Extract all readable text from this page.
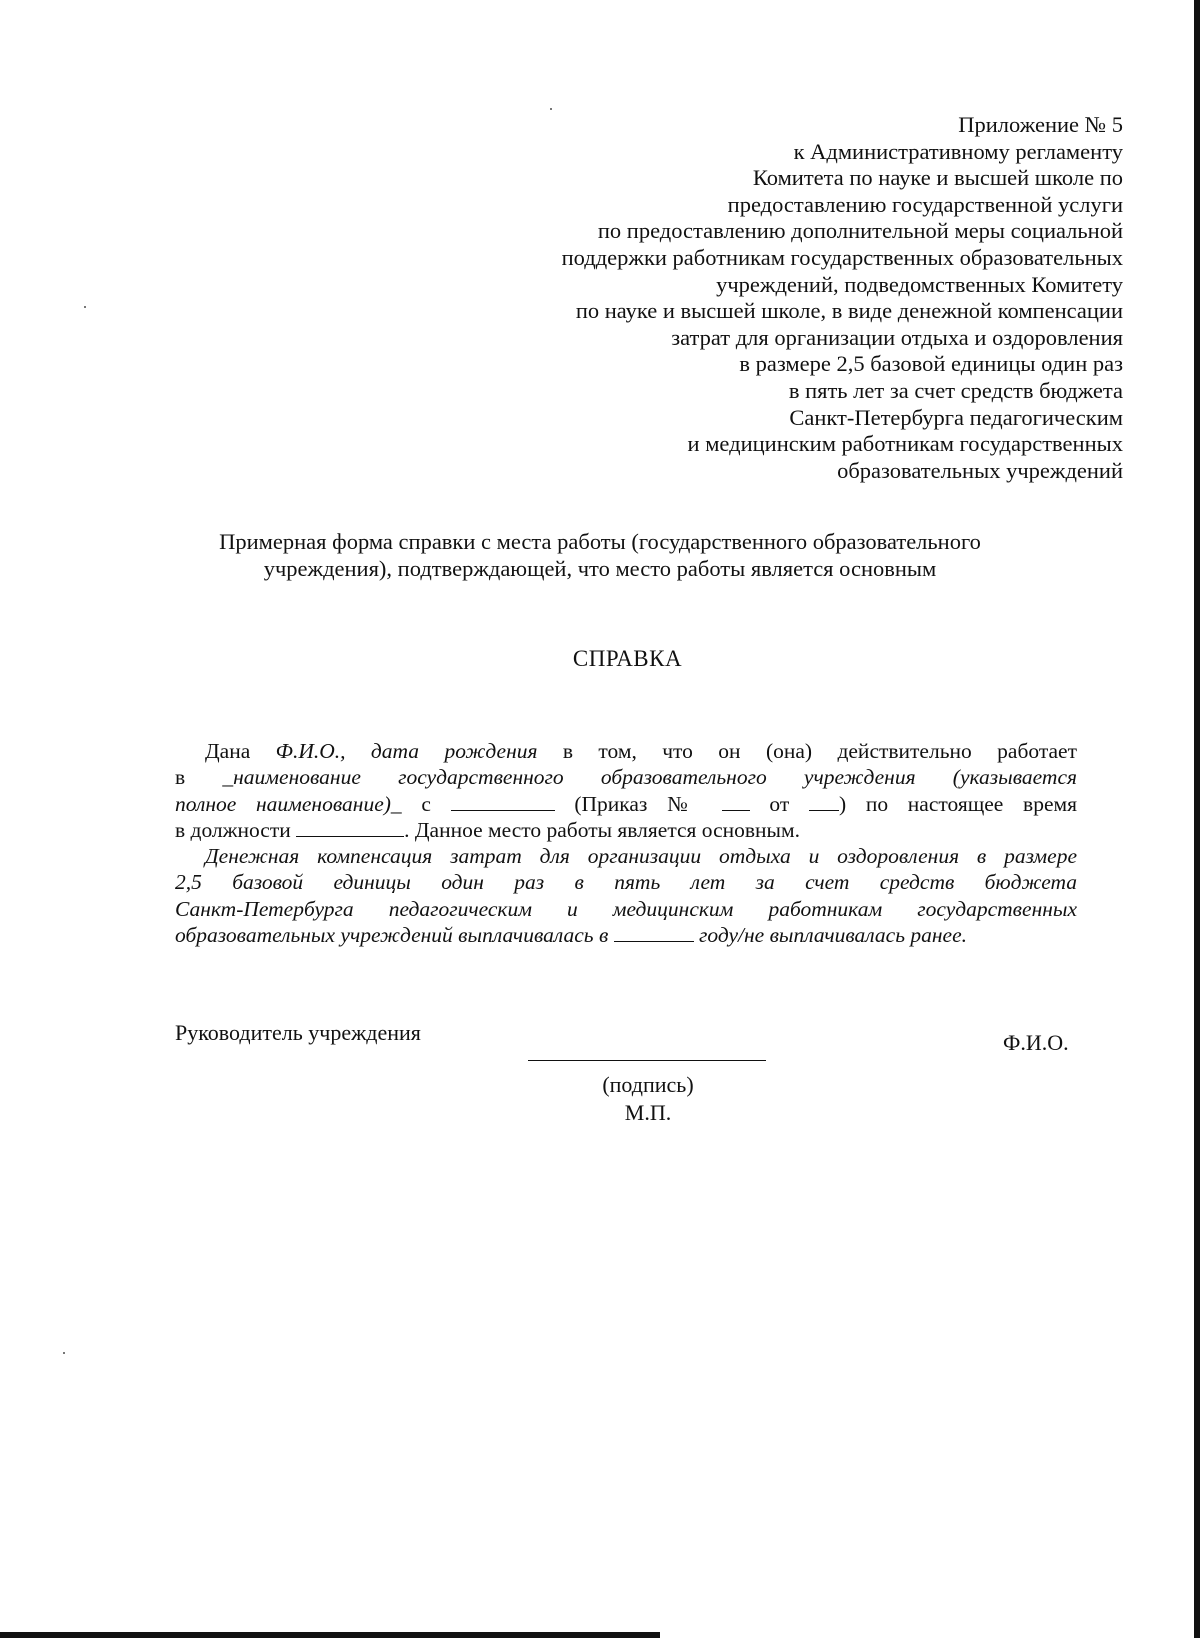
Приложение № 5
к Административному регламенту
Комитета по науке и высшей школе по
предоставлению государственной услуги
по предоставлению дополнительной меры социальной
поддержки работникам государственных образовательных
учреждений, подведомственных Комитету
по науке и высшей школе, в виде денежной компенсации
затрат для организации отдыха и оздоровления
в размере 2,5 базовой единицы один раз
в пять лет за счет средств бюджета
Санкт-Петербурга педагогическим
и медицинским работникам государственных
образовательных учреждений
Примерная форма справки с места работы (государственного образовательного
учреждения), подтверждающей, что место работы является основным
СПРАВКА

Дана Ф.И.О., дата рождения в том, что он (она) действительно работает

в _наименование государственного образовательного учреждения (указывается

полное наименование)_ с	(Приказ №	от ) по настоящее время

в должности	. Данное место работы является основным.

Денежная компенсация затрат для организации отдыха и оздоровления в размере

2,5 базовой единицы один раз в пять лет за счет средств бюджета

Санкт-Петербурга педагогическим и медицинским работникам государственных

образовательных учреждений выплачивалась в	году/не выплачивалась ранее.

Руководитель учреждения	Ф.И.О.
(подпись)
М.П.
